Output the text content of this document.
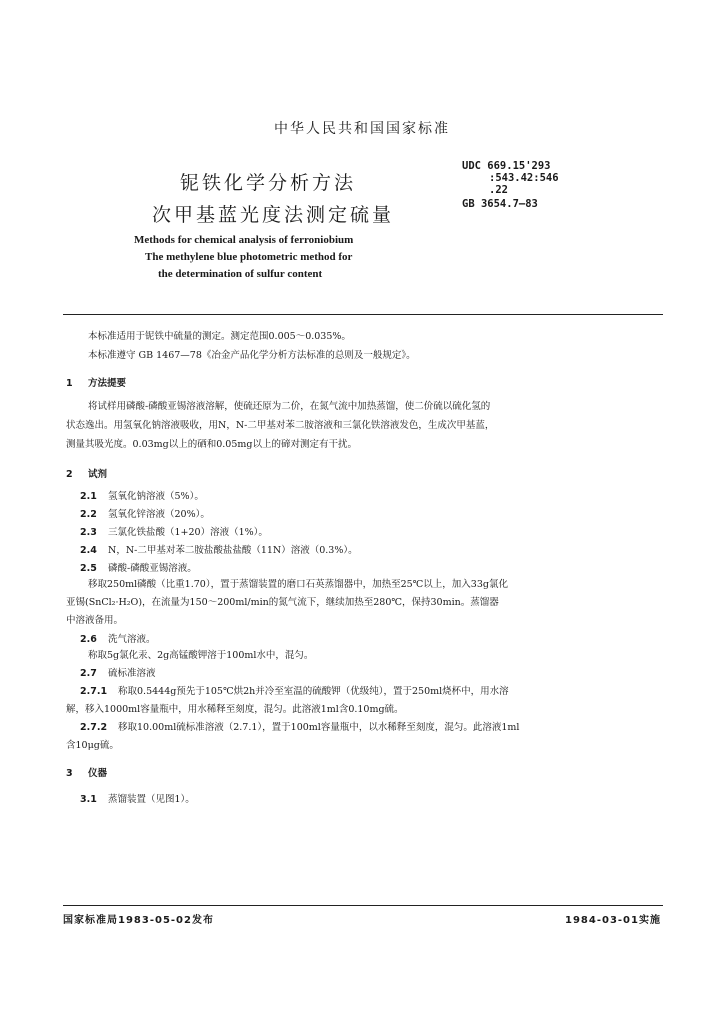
中华人民共和国国家标准
铌铁化学分析方法
次甲基蓝光度法测定硫量
UDC 669.15'293
:543.42:546
.22
GB 3654.7—83
Methods for chemical analysis of ferroniobium
The methylene blue photometric method for
the determination of sulfur content
本标准适用于铌铁中硫量的测定。测定范围0.005～0.035%。
本标准遵守 GB 1467—78《冶金产品化学分析方法标准的总则及一般规定》。
1 方法提要
将试样用磷酸-磷酸亚锡溶液溶解，使硫还原为二价，在氮气流中加热蒸馏，使二价硫以硫化氢的
状态逸出。用氢氧化钠溶液吸收，用N，N-二甲基对苯二胺溶液和三氯化铁溶液发色，生成次甲基蓝，
测量其吸光度。0.03mg以上的硒和0.05mg以上的碲对测定有干扰。
2 试剂
2.1 氢氧化钠溶液（5%）。
2.2 氢氧化锌溶液（20%）。
2.3 三氯化铁盐酸（1+20）溶液（1%）。
2.4 N，N-二甲基对苯二胺盐酸盐盐酸（11N）溶液（0.3%）。
2.5 磷酸-磷酸亚锡溶液。
移取250ml磷酸（比重1.70），置于蒸馏装置的磨口石英蒸馏器中，加热至25℃以上，加入33g氯化
亚锡(SnCl₂·H₂O)，在流量为150～200ml/min的氮气流下，继续加热至280℃，保持30min。蒸馏器
中溶液备用。
2.6 洗气溶液。
称取5g氯化汞、2g高锰酸钾溶于100ml水中，混匀。
2.7 硫标准溶液
2.7.1 称取0.5444g预先于105℃烘2h并冷至室温的硫酸钾（优级纯），置于250ml烧杯中，用水溶
解，移入1000ml容量瓶中，用水稀释至刻度，混匀。此溶液1ml含0.10mg硫。
2.7.2 移取10.00ml硫标准溶液（2.7.1），置于100ml容量瓶中，以水稀释至刻度，混匀。此溶液1ml
含10μg硫。
3 仪器
3.1 蒸馏装置（见图1）。
国家标准局1983-05-02发布	1984-03-01实施
